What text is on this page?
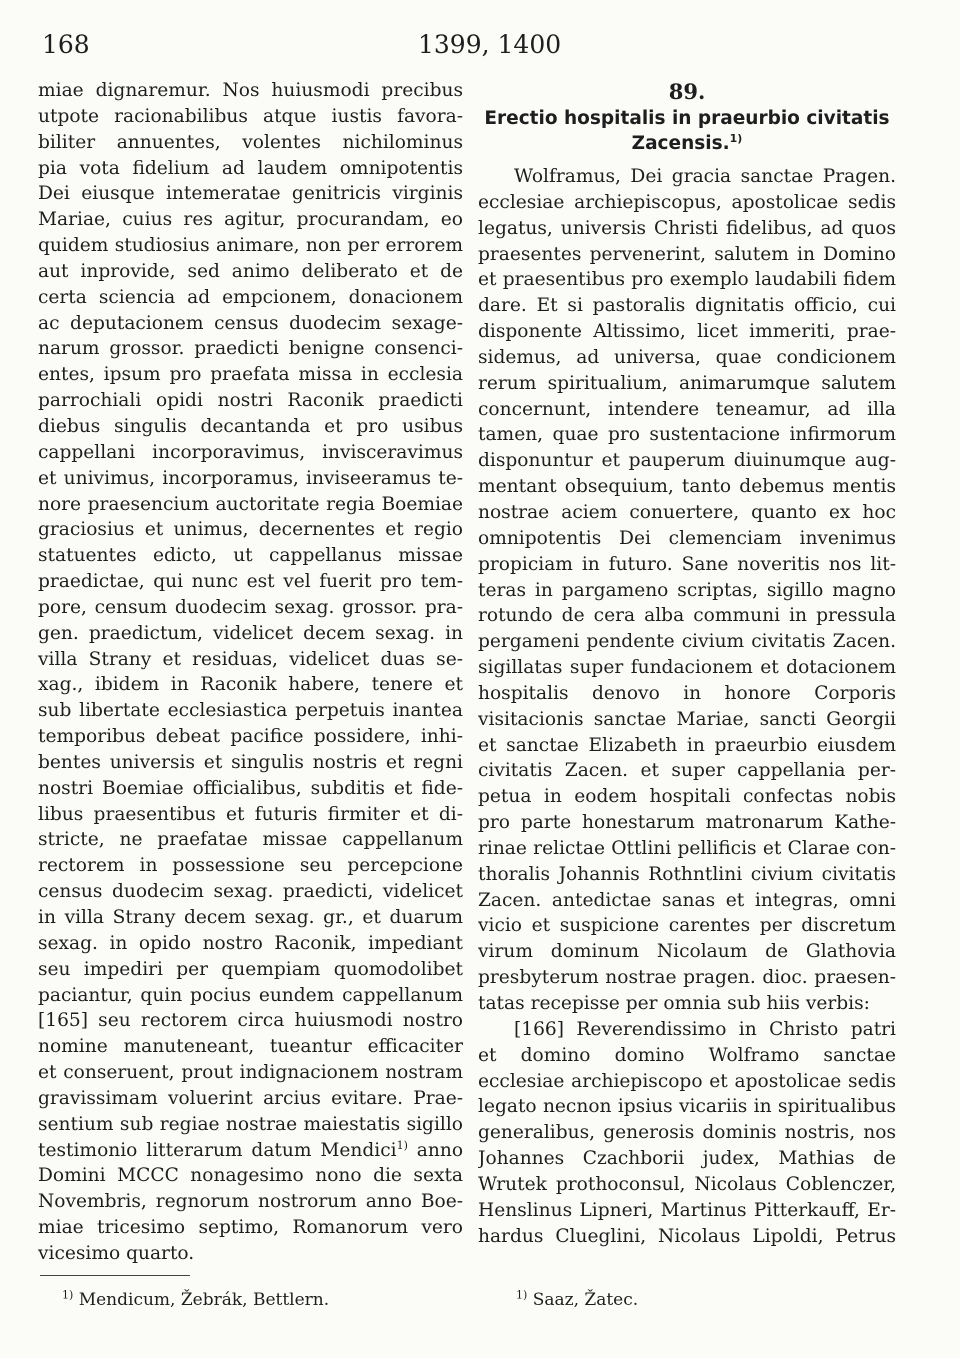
168	1399, 1400
miae dignaremur. Nos huiusmodi precibus
utpote racionabilibus atque iustis favora-
biliter annuentes, volentes nichilominus
pia vota fidelium ad laudem omnipotentis
Dei eiusque intemeratae genitricis virginis
Mariae, cuius res agitur, procurandam, eo
quidem studiosius animare, non per errorem
aut inprovide, sed animo deliberato et de
certa sciencia ad empcionem, donacionem
ac deputacionem census duodecim sexage-
narum grossor. praedicti benigne consenci-
entes, ipsum pro praefata missa in ecclesia
parrochiali opidi nostri Raconik praedicti
diebus singulis decantanda et pro usibus
cappellani incorporavimus, invisceravimus
et univimus, incorporamus, inviseeramus te-
nore praesencium auctoritate regia Boemiae
graciosius et unimus, decernentes et regio
statuentes edicto, ut cappellanus missae
praedictae, qui nunc est vel fuerit pro tem-
pore, censum duodecim sexag. grossor. pra-
gen. praedictum, videlicet decem sexag. in
villa Strany et residuas, videlicet duas se-
xag., ibidem in Raconik habere, tenere et
sub libertate ecclesiastica perpetuis inantea
temporibus debeat pacifice possidere, inhi-
bentes universis et singulis nostris et regni
nostri Boemiae officialibus, subditis et fide-
libus praesentibus et futuris firmiter et di-
stricte, ne praefatae missae cappellanum
rectorem in possessione seu percepcione
census duodecim sexag. praedicti, videlicet
in villa Strany decem sexag. gr., et duarum
sexag. in opido nostro Raconik, impediant
seu impediri per quempiam quomodolibet
paciantur, quin pocius eundem cappellanum
[165] seu rectorem circa huiusmodi nostro
nomine manuteneant, tueantur efficaciter
et conseruent, prout indignacionem nostram
gravissimam voluerint arcius evitare. Prae-
sentium sub regiae nostrae maiestatis sigillo
testimonio litterarum datum Mendici$^{1)}$ anno
Domini MCCC nonagesimo nono die sexta
Novembris, regnorum nostrorum anno Boe-
miae tricesimo septimo, Romanorum vero
vicesimo quarto.
89.
Erectio hospitalis in praeurbio civitatis
Zacensis.$^{1)}$
Wolframus, Dei gracia sanctae Pragen.
ecclesiae archiepiscopus, apostolicae sedis
legatus, universis Christi fidelibus, ad quos
praesentes pervenerint, salutem in Domino
et praesentibus pro exemplo laudabili fidem
dare. Et si pastoralis dignitatis officio, cui
disponente Altissimo, licet immeriti, prae-
sidemus, ad universa, quae condicionem
rerum spiritualium, animarumque salutem
concernunt, intendere teneamur, ad illa
tamen, quae pro sustentacione infirmorum
disponuntur et pauperum diuinumque aug-
mentant obsequium, tanto debemus mentis
nostrae aciem conuertere, quanto ex hoc
omnipotentis Dei clemenciam invenimus
propiciam in futuro. Sane noveritis nos lit-
teras in pargameno scriptas, sigillo magno
rotundo de cera alba communi in pressula
pergameni pendente civium civitatis Zacen.
sigillatas super fundacionem et dotacionem
hospitalis denovo in honore Corporis
visitacionis sanctae Mariae, sancti Georgii
et sanctae Elizabeth in praeurbio eiusdem
civitatis Zacen. et super cappellania per-
petua in eodem hospitali confectas nobis
pro parte honestarum matronarum Kathe-
rinae relictae Ottlini pellificis et Clarae con-
thoralis Johannis Rothntlini civium civitatis
Zacen. antedictae sanas et integras, omni
vicio et suspicione carentes per discretum
virum dominum Nicolaum de Glathovia
presbyterum nostrae pragen. dioc. praesen-
tatas recepisse per omnia sub hiis verbis:
[166] Reverendissimo in Christo patri
et domino domino Wolframo sanctae
ecclesiae archiepiscopo et apostolicae sedis
legato necnon ipsius vicariis in spiritualibus
generalibus, generosis dominis nostris, nos
Johannes Czachborii judex, Mathias de
Wrutek prothoconsul, Nicolaus Coblenczer,
Henslinus Lipneri, Martinus Pitterkauff, Er-
hardus Clueglini, Nicolaus Lipoldi, Petrus
$^{1)}$ Mendicum, Žebrák, Bettlern.	$^{1)}$ Saaz, Žatec.
